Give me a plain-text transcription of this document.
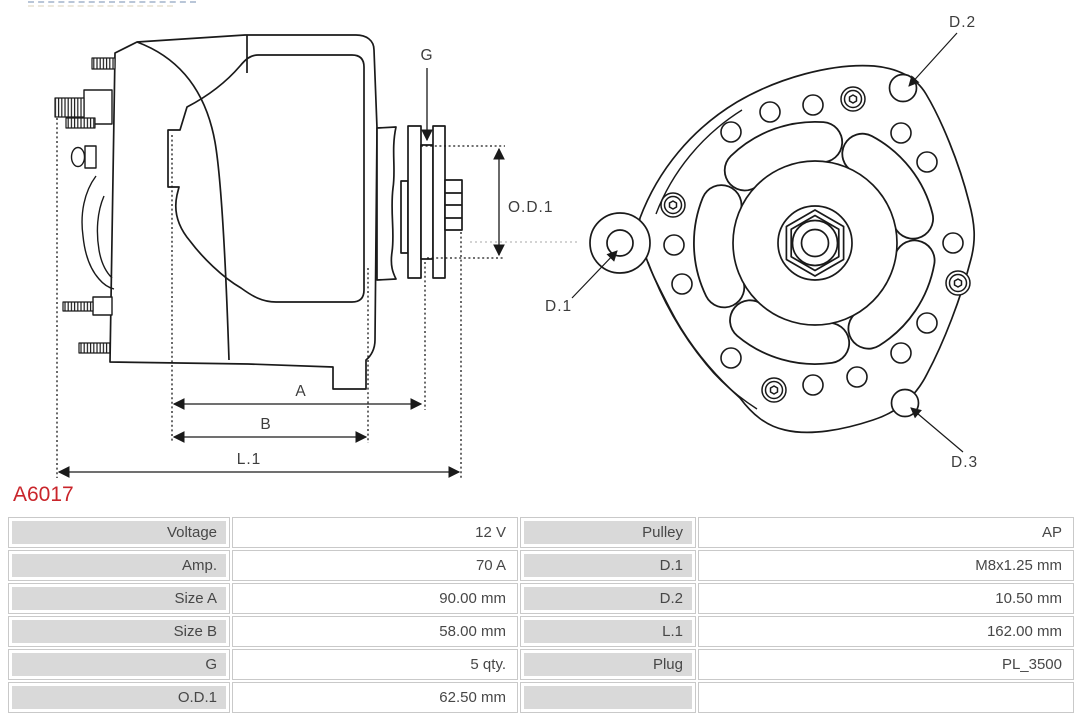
G
O.D.1
A
B
L.1
D.2
D.1
D.3
A6017
Voltage	12 V	Pulley	AP
Amp.	70 A	D.1	M8x1.25 mm
Size A	90.00 mm	D.2	10.50 mm
Size B	58.00 mm	L.1	162.00 mm
G	5 qty.	Plug	PL_3500
O.D.1	62.50 mm
